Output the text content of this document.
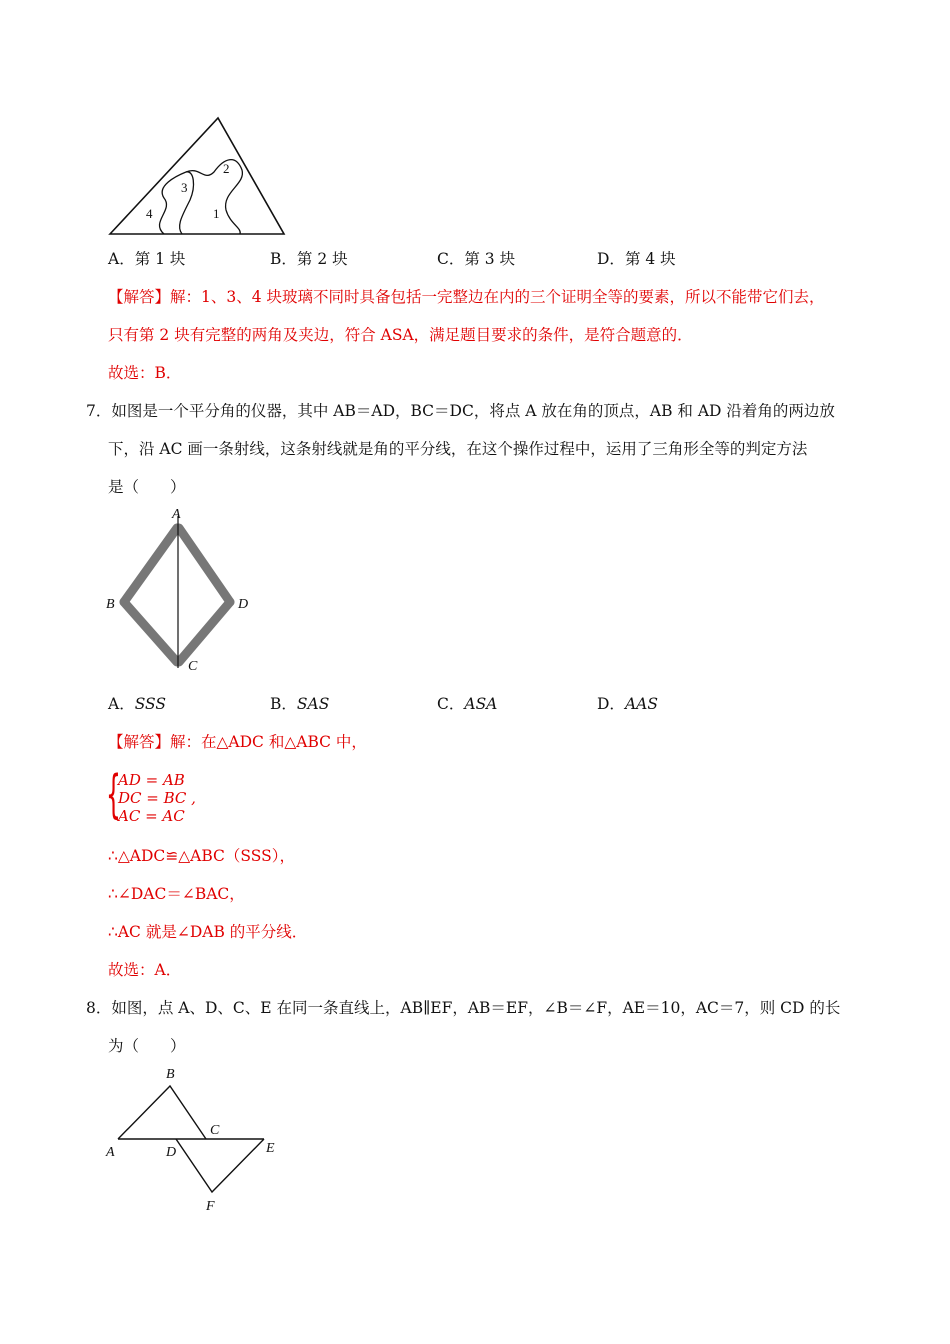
4
3
2
1
A．第 1 块	B．第 2 块	C．第 3 块	D．第 4 块
【解答】解：1、3、4 块玻璃不同时具备包括一完整边在内的三个证明全等的要素，所以不能带它们去，
只有第 2 块有完整的两角及夹边，符合 ASA，满足题目要求的条件，是符合题意的．
故选：B．
7．如图是一个平分角的仪器，其中 AB＝AD，BC＝DC，将点 A 放在角的顶点，AB 和 AD 沿着角的两边放
下，沿 AC 画一条射线，这条射线就是角的平分线，在这个操作过程中，运用了三角形全等的判定方法
是（　　）
A
B	D
C
A．SSS	B．SAS	C．ASA	D．AAS
【解答】解：在△ADC 和△ABC 中，
{
AD = AB
DC = BC ,
AC = AC
∴△ADC≌△ABC（SSS），
∴∠DAC＝∠BAC，
∴AC 就是∠DAB 的平分线．
故选：A．
8．如图，点 A、D、C、E 在同一条直线上，AB∥EF，AB＝EF，∠B＝∠F，AE＝10，AC＝7，则 CD 的长
为（　　）
A
B
C
D	E
F
